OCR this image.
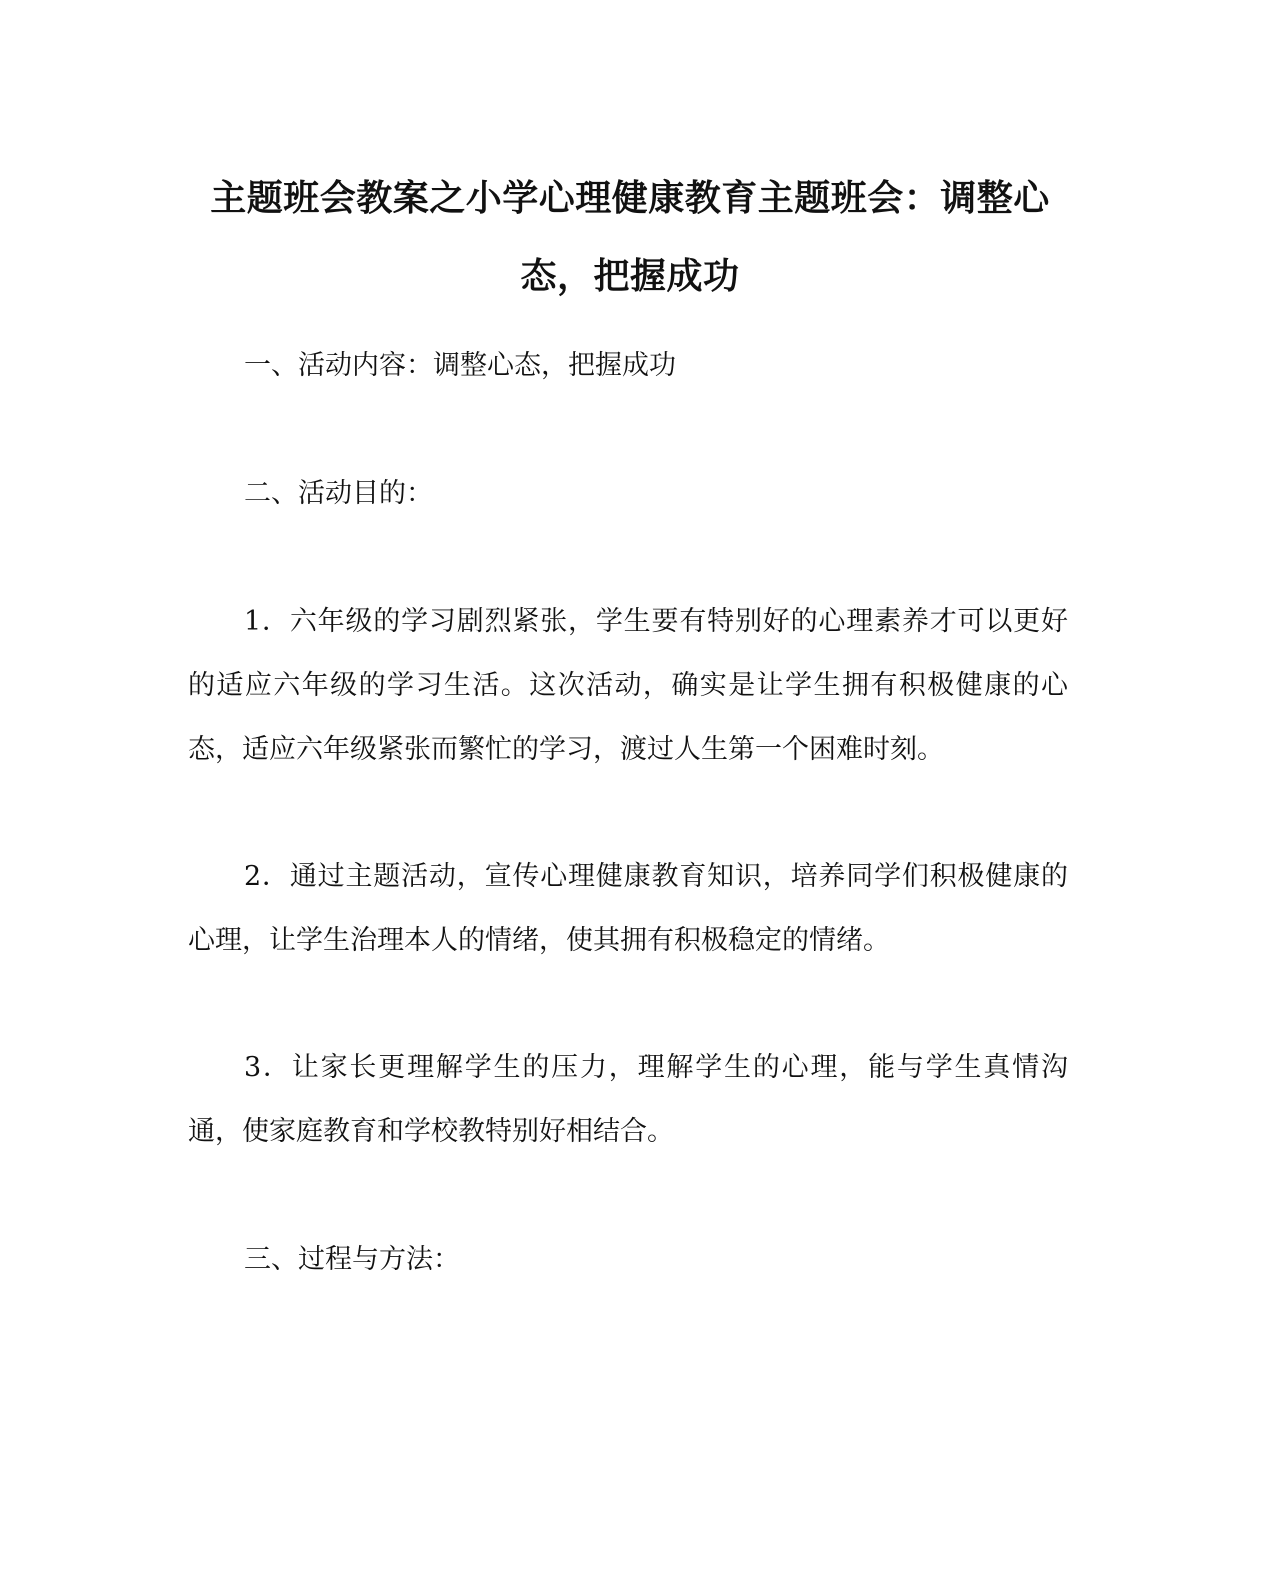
主题班会教案之小学心理健康教育主题班会：调整心态，把握成功

一、活动内容：调整心态，把握成功

二、活动目的：

1．六年级的学习剧烈紧张，学生要有特别好的心理素养才可以更好的适应六年级的学习生活。这次活动，确实是让学生拥有积极健康的心态，适应六年级紧张而繁忙的学习，渡过人生第一个困难时刻。

2．通过主题活动，宣传心理健康教育知识，培养同学们积极健康的心理，让学生治理本人的情绪，使其拥有积极稳定的情绪。

3．让家长更理解学生的压力，理解学生的心理，能与学生真情沟通，使家庭教育和学校教特别好相结合。

三、过程与方法：
